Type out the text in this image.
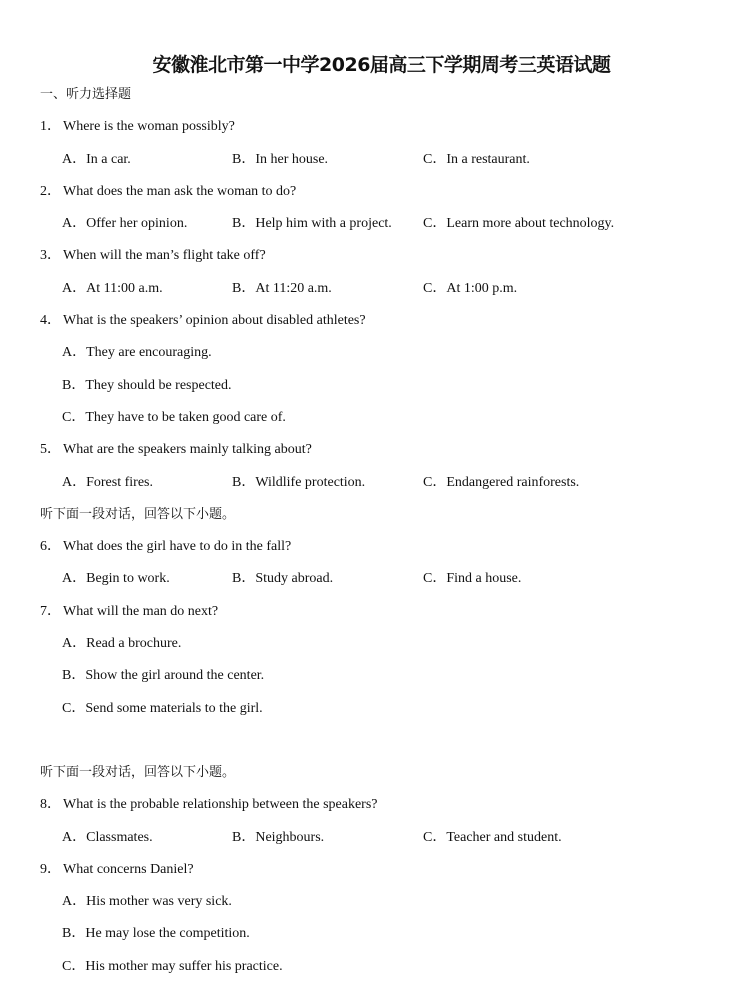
安徽淮北市第一中学2026届高三下学期周考三英语试题
一、听力选择题
1． Where is the woman possibly?
A．In a car.	B．In her house.	C．In a restaurant.
2． What does the man ask the woman to do?
A．Offer her opinion.	B．Help him with a project. C．Learn more about technology.
3． When will the man’s flight take off?
A．At 11:00 a.m.	B．At 11:20 a.m.	C．At 1:00 p.m.
4． What is the speakers’ opinion about disabled athletes?
A．They are encouraging.
B．They should be respected.
C．They have to be taken good care of.
5． What are the speakers mainly talking about?
A．Forest fires.	B．Wildlife protection.	C．Endangered rainforests.
听下面一段对话，回答以下小题。
6． What does the girl have to do in the fall?
A．Begin to work.	B．Study abroad.	C．Find a house.
7． What will the man do next?
A．Read a brochure.
B．Show the girl around the center.
C．Send some materials to the girl.
听下面一段对话，回答以下小题。
8． What is the probable relationship between the speakers?
A．Classmates.	B．Neighbours.	C．Teacher and student.
9． What concerns Daniel?
A．His mother was very sick.
B．He may lose the competition.
C．His mother may suffer his practice.
